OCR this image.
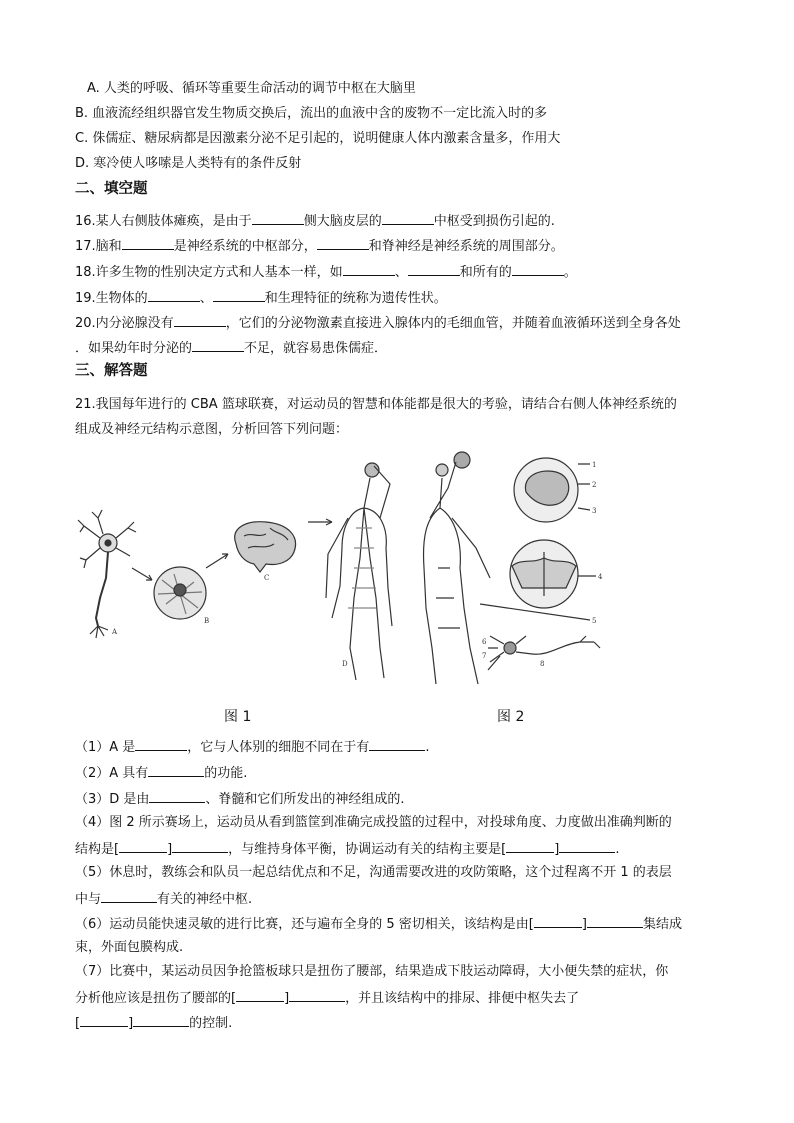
A. 人类的呼吸、循环等重要生命活动的调节中枢在大脑里
B. 血液流经组织器官发生物质交换后，流出的血液中含的废物不一定比流入时的多
C. 侏儒症、糖尿病都是因激素分泌不足引起的，说明健康人体内激素含量多，作用大
D. 寒冷使人哆嗦是人类特有的条件反射
二、填空题
16.某人右侧肢体瘫痪，是由于	侧大脑皮层的	中枢受到损伤引起的.
17.脑和	是神经系统的中枢部分，	和脊神经是神经系统的周围部分。
18.许多生物的性别决定方式和人基本一样，如	、	和所有的	。
19.生物体的	、	和生理特征的统称为遗传性状。
20.内分泌腺没有	，它们的分泌物激素直接进入腺体内的毛细血管，并随着血液循环送到全身各处
．如果幼年时分泌的	不足，就容易患侏儒症．
三、解答题
21.我国每年进行的 CBA 篮球联赛，对运动员的智慧和体能都是很大的考验，请结合右侧人体神经系统的
组成及神经元结构示意图，分析回答下列问题：
A
B
C
D
1
2
3
4
5
6
7
8
图 1	图 2
（1）A 是	，它与人体别的细胞不同在于有	.
（2）A 具有	的功能.
（3）D 是由	、脊髓和它们所发出的神经组成的.
（4）图 2 所示赛场上，运动员从看到篮筐到准确完成投篮的过程中，对投球角度、力度做出准确判断的
结构是[	]	，与维持身体平衡，协调运动有关的结构主要是[	]	.
（5）休息时，教练会和队员一起总结优点和不足，沟通需要改进的攻防策略，这个过程离不开 1 的表层
中与	有关的神经中枢.
（6）运动员能快速灵敏的进行比赛，还与遍布全身的 5 密切相关，该结构是由[	]	集结成
束，外面包膜构成.
（7）比赛中，某运动员因争抢篮板球只是扭伤了腰部，结果造成下肢运动障碍，大小便失禁的症状，你
分析他应该是扭伤了腰部的[	]	，并且该结构中的排尿、排便中枢失去了
[	]	的控制.
